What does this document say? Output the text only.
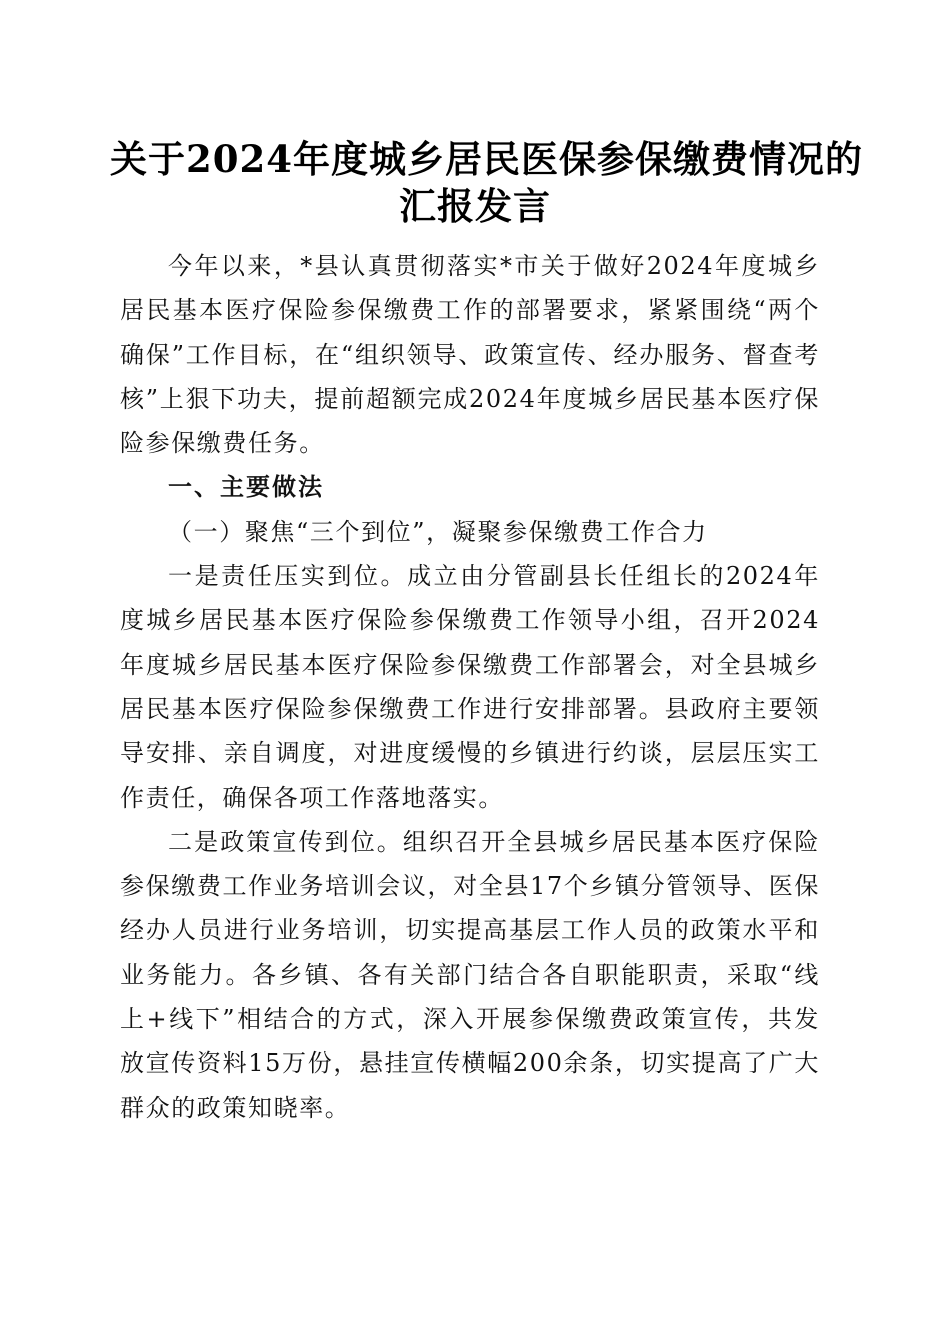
关于2024年度城乡居民医保参保缴费情况的
汇报发言

今年以来，*县认真贯彻落实*市关于做好2024年度城乡居民基本医疗保险参保缴费工作的部署要求，紧紧围绕“两个确保”工作目标，在“组织领导、政策宣传、经办服务、督查考核”上狠下功夫，提前超额完成2024年度城乡居民基本医疗保险参保缴费任务。

一、主要做法

（一）聚焦“三个到位”，凝聚参保缴费工作合力

一是责任压实到位。成立由分管副县长任组长的2024年度城乡居民基本医疗保险参保缴费工作领导小组，召开2024年度城乡居民基本医疗保险参保缴费工作部署会，对全县城乡居民基本医疗保险参保缴费工作进行安排部署。县政府主要领导安排、亲自调度，对进度缓慢的乡镇进行约谈，层层压实工作责任，确保各项工作落地落实。

二是政策宣传到位。组织召开全县城乡居民基本医疗保险参保缴费工作业务培训会议，对全县17个乡镇分管领导、医保经办人员进行业务培训，切实提高基层工作人员的政策水平和业务能力。各乡镇、各有关部门结合各自职能职责，采取“线上+线下”相结合的方式，深入开展参保缴费政策宣传，共发放宣传资料15万份，悬挂宣传横幅200余条，切实提高了广大群众的政策知晓率。
